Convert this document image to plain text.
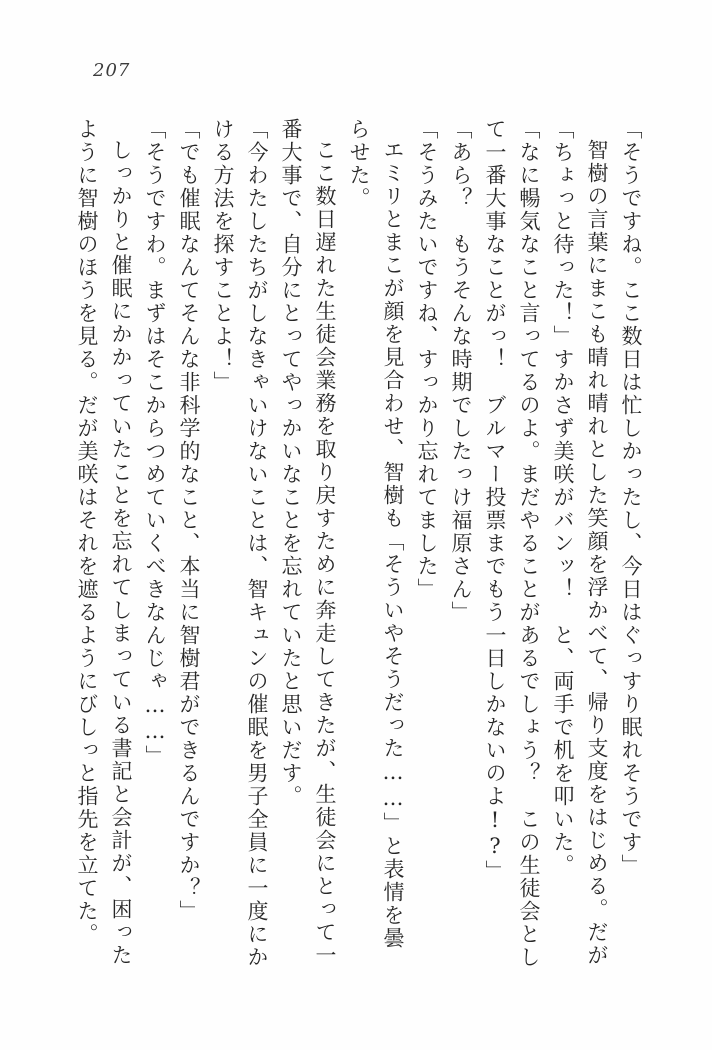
207

「そうですね。ここ数日は忙しかったし、今日はぐっすり眠れそうです」

智樹の言葉にまこも晴れ晴れとした笑顔を浮かべて、帰り支度をはじめる。だが

「ちょっと待った！」すかさず美咲がバンッ！　と、両手で机を叩いた。

「なに暢気なこと言ってるのよ。まだやることがあるでしょう？　この生徒会として一番大事なことがっ！　ブルマー投票までもう一日しかないのよ!?」

「あら？　もうそんな時期でしたっけ福原さん」

「そうみたいですね、すっかり忘れてました」

エミリとまこが顔を見合わせ、智樹も「そういやそうだった……」と表情を曇らせた。

ここ数日遅れた生徒会業務を取り戻すために奔走してきたが、生徒会にとって一番大事で、自分にとってやっかいなことを忘れていたと思いだす。

「今わたしたちがしなきゃいけないことは、智キュンの催眠を男子全員に一度にかける方法を探すことよ！」

「でも催眠なんてそんな非科学的なこと、本当に智樹君ができるんですか？」

「そうですわ。まずはそこからつめていくべきなんじゃ……」

しっかりと催眠にかかっていたことを忘れてしまっている書記と会計が、困ったように智樹のほうを見る。だが美咲はそれを遮るようにびしっと指先を立てた。
